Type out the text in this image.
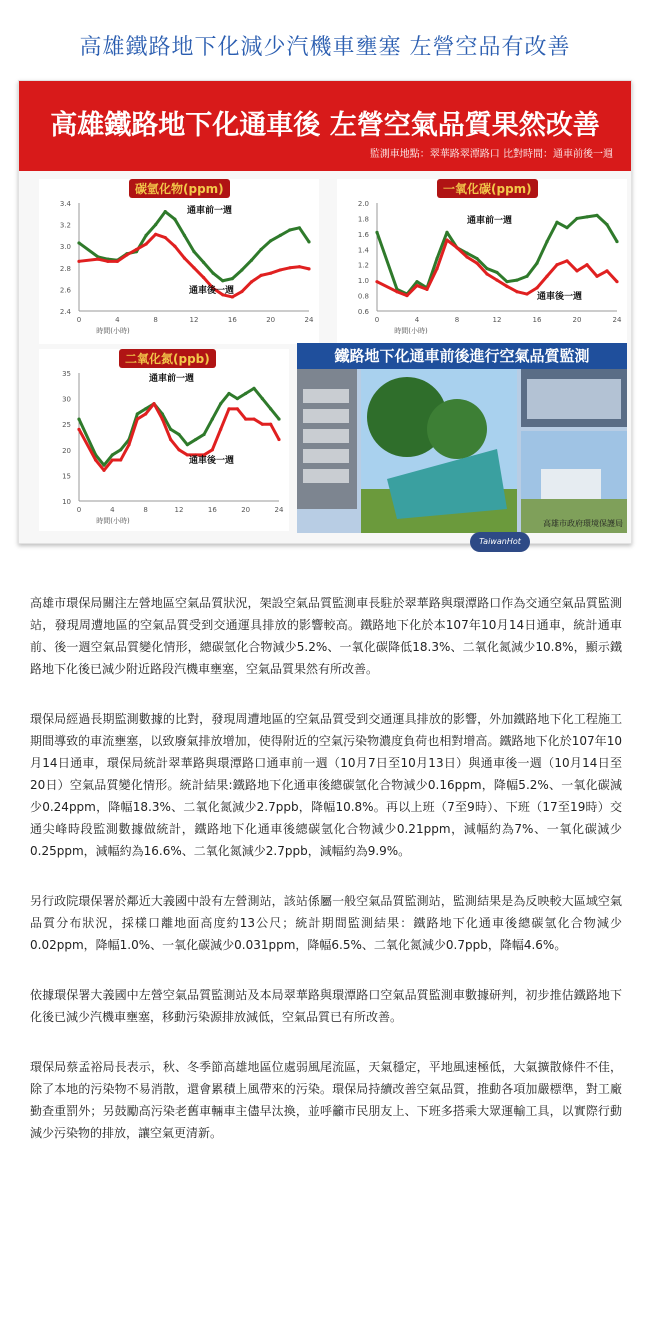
高雄鐵路地下化減少汽機車壅塞 左營空品有改善
高雄鐵路地下化通車後 左營空氣品質果然改善
監測車地點：翠華路翠潭路口 比對時間：通車前後一週
碳氫化物(ppm)
3.4
3.2
3.0
2.8
2.6
2.4
0	4	8	12	16	20	24
時間(小時)
通車前一週
通車後一週
一氧化碳(ppm)
2.0
1.8
1.6
1.4
1.2
1.0
0.8
0.6
0	4	8	12	16	20	24
時間(小時)
通車前一週
通車後一週
二氧化氮(ppb)
35
30
25
20
15
10
0	4	8	12	16	20	24
時間(小時)
通車前一週
通車後一週
鐵路地下化通車前後進行空氣品質監測
高雄市政府環境保護局
TaiwanHot

高雄市環保局關注左營地區空氣品質狀況，架設空氣品質監測車長駐於翠華路與環潭路口作為交通空氣品質監測站，發現周遭地區的空氣品質受到交通運具排放的影響較高。鐵路地下化於本107年10月14日通車，統計通車前、後一週空氣品質變化情形，總碳氫化合物減少5.2%、一氧化碳降低18.3%、二氧化氮減少10.8%，顯示鐵路地下化後已減少附近路段汽機車壅塞，空氣品質果然有所改善。

環保局經過長期監測數據的比對，發現周遭地區的空氣品質受到交通運具排放的影響，外加鐵路地下化工程施工期間導致的車流壅塞，以致廢氣排放增加，使得附近的空氣污染物濃度負荷也相對增高。鐵路地下化於107年10月14日通車，環保局統計翠華路與環潭路口通車前一週（10月7日至10月13日）與通車後一週（10月14日至20日）空氣品質變化情形。統計結果:鐵路地下化通車後總碳氫化合物減少0.16ppm，降幅5.2%、一氧化碳減少0.24ppm，降幅18.3%、二氧化氮減少2.7ppb，降幅10.8%。再以上班（7至9時）、下班（17至19時）交通尖峰時段監測數據做統計，鐵路地下化通車後總碳氫化合物減少0.21ppm，減幅約為7%、一氧化碳減少0.25ppm，減幅約為16.6%、二氧化氮減少2.7ppb，減幅約為9.9%。

另行政院環保署於鄰近大義國中設有左營測站，該站係屬一般空氣品質監測站，監測結果是為反映較大區域空氣品質分布狀況，採樣口離地面高度約13公尺；統計期間監測結果：鐵路地下化通車後總碳氫化合物減少0.02ppm，降幅1.0%、一氧化碳減少0.031ppm，降幅6.5%、二氧化氮減少0.7ppb，降幅4.6%。

依據環保署大義國中左營空氣品質監測站及本局翠華路與環潭路口空氣品質監測車數據研判，初步推估鐵路地下化後已減少汽機車壅塞，移動污染源排放減低，空氣品質已有所改善。

環保局蔡孟裕局長表示，秋、冬季節高雄地區位處弱風尾流區，天氣穩定，平地風速極低，大氣擴散條件不佳，除了本地的污染物不易消散，還會累積上風帶來的污染。環保局持續改善空氣品質，推動各項加嚴標準，對工廠勤查重罰外；另鼓勵高污染老舊車輛車主儘早汰換，並呼籲市民朋友上、下班多搭乘大眾運輸工具，以實際行動減少污染物的排放，讓空氣更清新。
